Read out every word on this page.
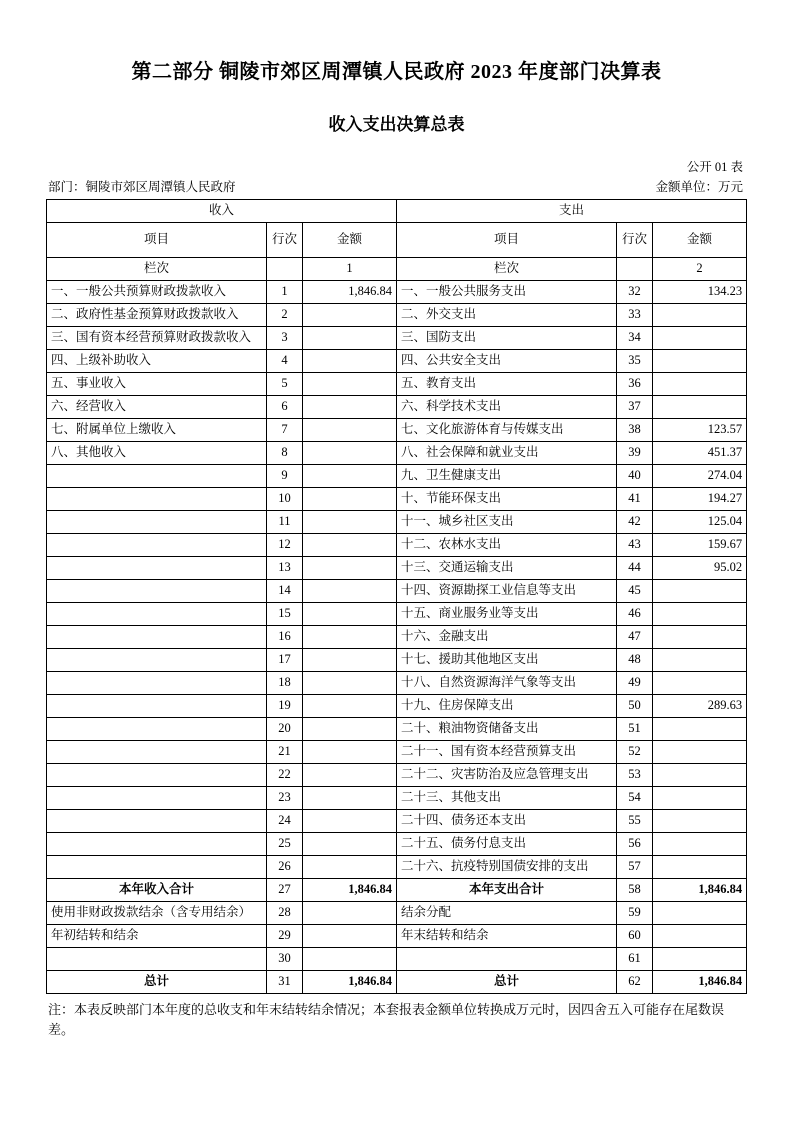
第二部分 铜陵市郊区周潭镇人民政府 2023 年度部门决算表
收入支出决算总表
公开 01 表
部门：铜陵市郊区周潭镇人民政府	金额单位：万元
收入			支出		
项目	行次	金额	项目	行次	金额
栏次		1	栏次		2
一、一般公共预算财政拨款收入	1	1,846.84	一、一般公共服务支出	32	134.23
二、政府性基金预算财政拨款收入	2		二、外交支出	33	
三、国有资本经营预算财政拨款收入	3		三、国防支出	34	
四、上级补助收入	4		四、公共安全支出	35	
五、事业收入	5		五、教育支出	36	
六、经营收入	6		六、科学技术支出	37	
七、附属单位上缴收入	7		七、文化旅游体育与传媒支出	38	123.57
八、其他收入	8		八、社会保障和就业支出	39	451.37
	9		九、卫生健康支出	40	274.04
	10		十、节能环保支出	41	194.27
	11		十一、城乡社区支出	42	125.04
	12		十二、农林水支出	43	159.67
	13		十三、交通运输支出	44	95.02
	14		十四、资源勘探工业信息等支出	45	
	15		十五、商业服务业等支出	46	
	16		十六、金融支出	47	
	17		十七、援助其他地区支出	48	
	18		十八、自然资源海洋气象等支出	49	
	19		十九、住房保障支出	50	289.63
	20		二十、粮油物资储备支出	51	
	21		二十一、国有资本经营预算支出	52	
	22		二十二、灾害防治及应急管理支出	53	
	23		二十三、其他支出	54	
	24		二十四、债务还本支出	55	
	25		二十五、债务付息支出	56	
	26		二十六、抗疫特别国债安排的支出	57	
本年收入合计	27	1,846.84	本年支出合计	58	1,846.84
使用非财政拨款结余（含专用结余）	28		结余分配	59	
年初结转和结余	29		年末结转和结余	60	
	30			61	
总计	31	1,846.84	总计	62	1,846.84
注：本表反映部门本年度的总收支和年末结转结余情况；本套报表金额单位转换成万元时，因四舍五入可能存在尾数误差。
